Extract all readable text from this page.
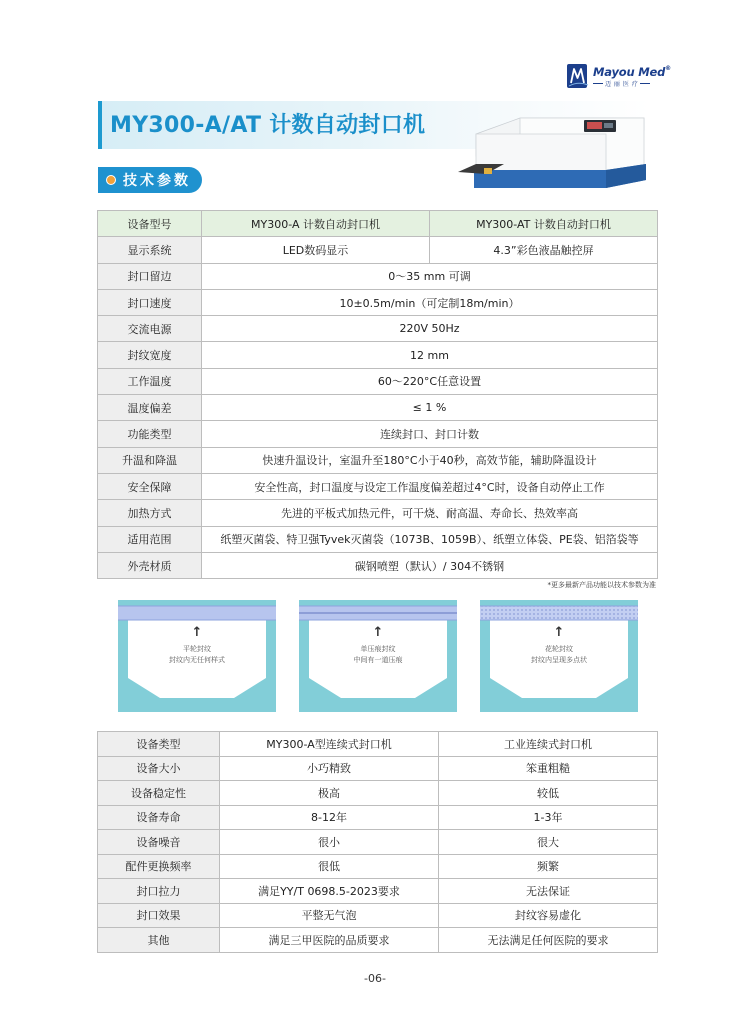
Mayou Med®
迈 丽 医 疗
MY300-A/AT 计数自动封口机
技术参数
设备型号	MY300-A 计数自动封口机	MY300-AT 计数自动封口机
显示系统	LED数码显示	4.3”彩色液晶触控屏
封口留边	0～35 mm 可调	
封口速度	10±0.5m/min（可定制18m/min）	
交流电源	220V 50Hz	
封纹宽度	12 mm	
工作温度	60～220°C任意设置	
温度偏差	≤ 1 %	
功能类型	连续封口、封口计数	
升温和降温	快速升温设计，室温升至180°C小于40秒，高效节能，辅助降温设计	
安全保障	安全性高，封口温度与设定工作温度偏差超过4°C时，设备自动停止工作	
加热方式	先进的平板式加热元件，可干烧、耐高温、寿命长、热效率高	
适用范围	纸塑灭菌袋、特卫强Tyvek灭菌袋（1073B、1059B）、纸塑立体袋、PE袋、铝箔袋等	
外壳材质	碳钢喷塑（默认）/ 304不锈钢	
*更多最新产品功能以技术参数为准
↑
平轮封纹
封纹内无任何样式
↑
单压痕封纹
中间有一道压痕
↑
花轮封纹
封纹内呈现多点状
设备类型	MY300-A型连续式封口机	工业连续式封口机
设备大小	小巧精致	笨重粗糙
设备稳定性	极高	较低
设备寿命	8-12年	1-3年
设备噪音	很小	很大
配件更换频率	很低	频繁
封口拉力	满足YY/T 0698.5-2023要求	无法保证
封口效果	平整无气泡	封纹容易虚化
其他	满足三甲医院的品质要求	无法满足任何医院的要求
-06-
